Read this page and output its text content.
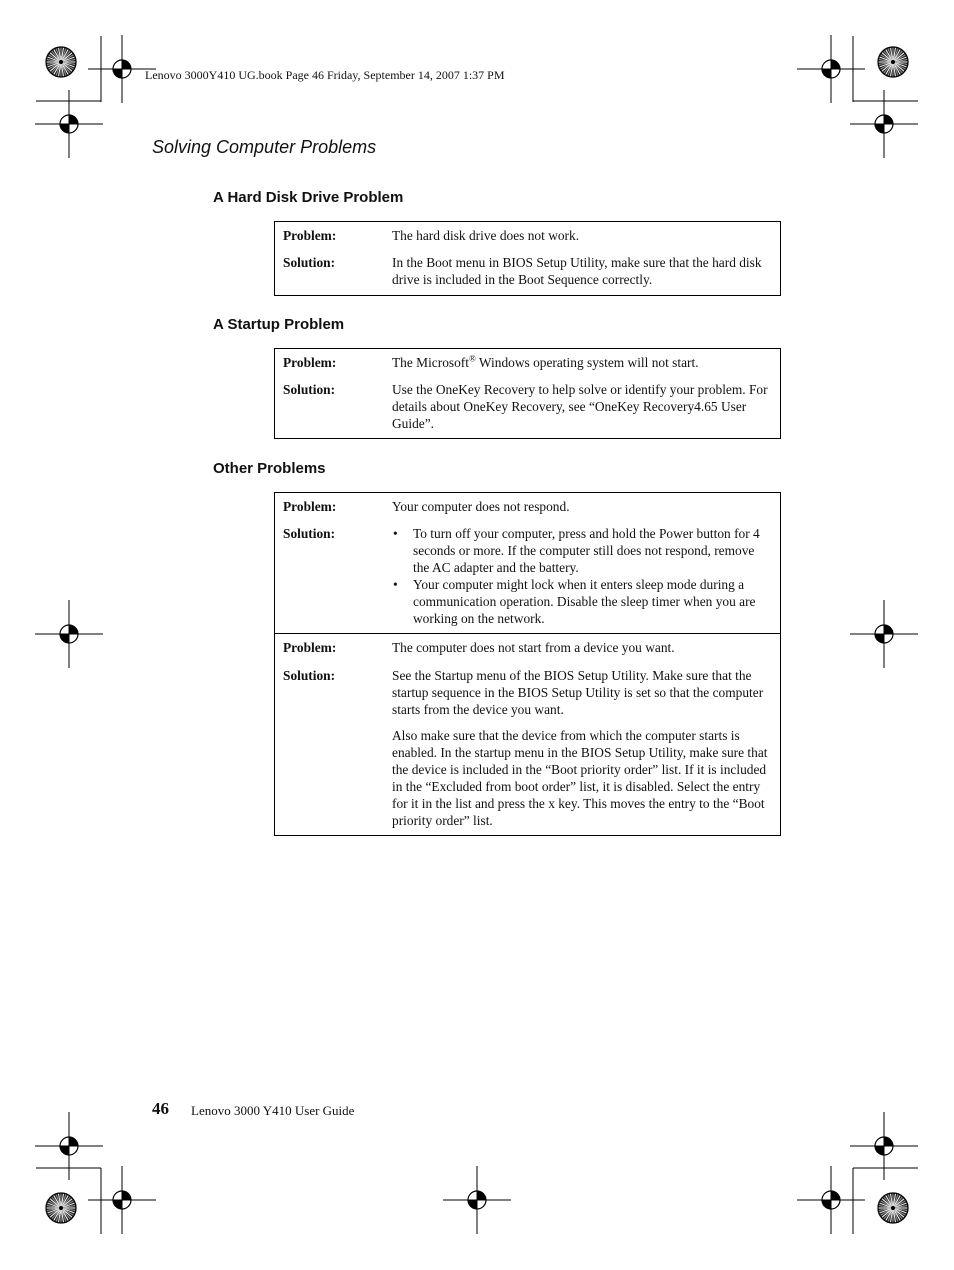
Lenovo 3000Y410 UG.book Page 46 Friday, September 14, 2007 1:37 PM
Solving Computer Problems
A Hard Disk Drive Problem
Problem:	The hard disk drive does not work.
Solution:	In the Boot menu in BIOS Setup Utility, make sure that the hard disk drive is included in the Boot Sequence correctly.
A Startup Problem
Problem:	The Microsoft® Windows operating system will not start.
Solution:	Use the OneKey Recovery to help solve or identify your problem. For details about OneKey Recovery, see “OneKey Recovery4.65 User Guide”.
Other Problems
Problem:	Your computer does not respond.
Solution:
•	To turn off your computer, press and hold the Power button for 4 seconds or more. If the computer still does not respond, remove the AC adapter and the battery.
• Your computer might lock when it enters sleep mode during a communication operation. Disable the sleep timer when you are working on the network.
Problem:	The computer does not start from a device you want.
Solution:	See the Startup menu of the BIOS Setup Utility. Make sure that the startup sequence in the BIOS Setup Utility is set so that the computer starts from the device you want.

Also make sure that the device from which the computer starts is enabled. In the startup menu in the BIOS Setup Utility, make sure that the device is included in the “Boot priority order” list. If it is included in the “Excluded from boot order” list, it is disabled. Select the entry for it in the list and press the x key. This moves the entry to the “Boot priority order” list.

46 Lenovo 3000 Y410 User Guide
